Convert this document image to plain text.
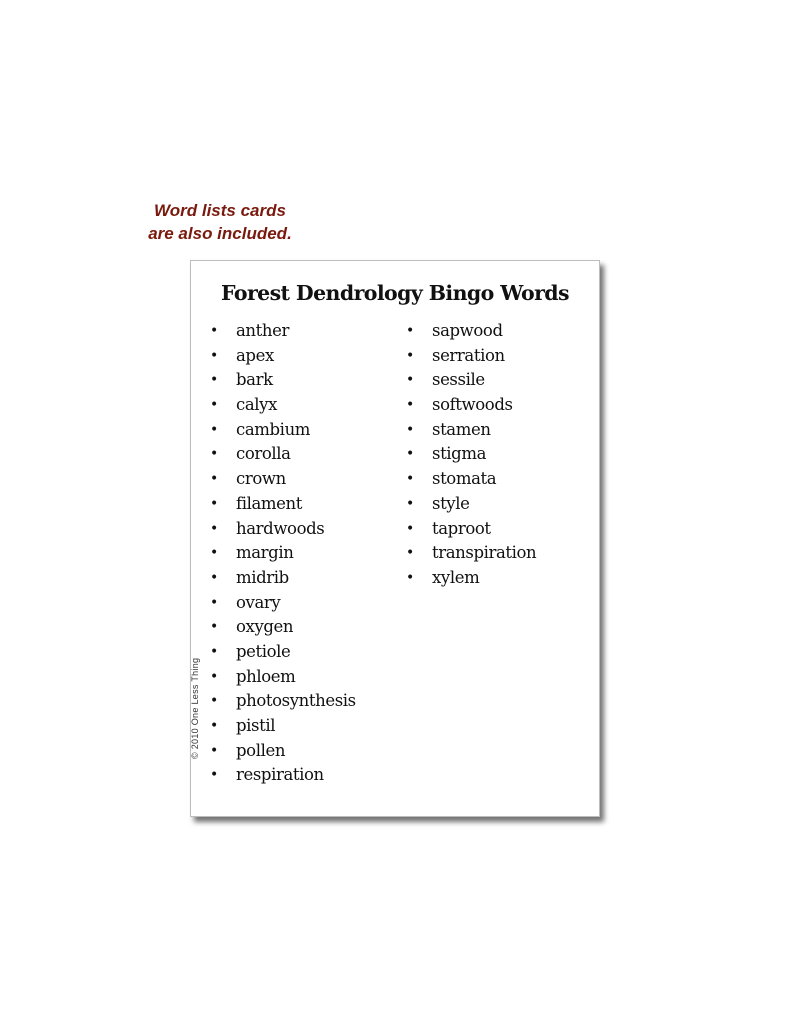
Word lists cards
are also included.
Forest Dendrology Bingo Words
• anther
• apex
• bark
• calyx
• cambium
• corolla
• crown
• filament
• hardwoods
• margin
• midrib
• ovary
• oxygen
• petiole
• phloem
• photosynthesis
• pistil
• pollen
• respiration
• sapwood
• serration
• sessile
• softwoods
• stamen
• stigma
• stomata
• style
• taproot
• transpiration
• xylem
© 2010 One Less Thing
